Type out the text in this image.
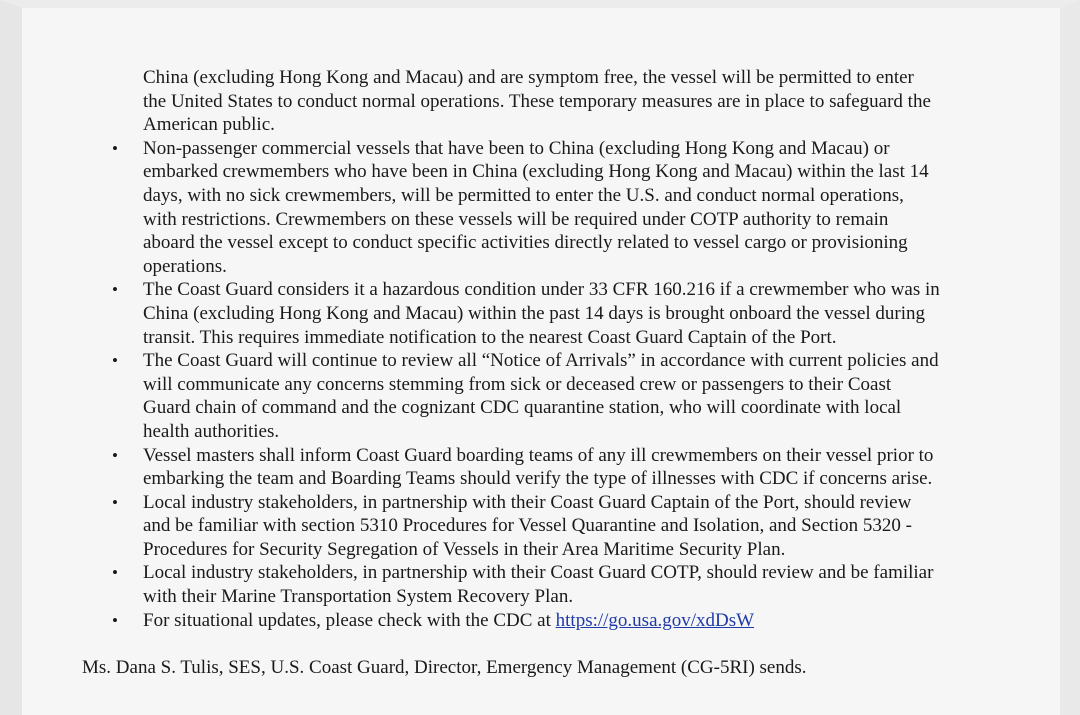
China (excluding Hong Kong and Macau) and are symptom free, the vessel will be permitted to enter
the United States to conduct normal operations. These temporary measures are in place to safeguard the
American public.
• Non-passenger commercial vessels that have been to China (excluding Hong Kong and Macau) or
embarked crewmembers who have been in China (excluding Hong Kong and Macau) within the last 14
days, with no sick crewmembers, will be permitted to enter the U.S. and conduct normal operations,
with restrictions. Crewmembers on these vessels will be required under COTP authority to remain
aboard the vessel except to conduct specific activities directly related to vessel cargo or provisioning
operations.
• The Coast Guard considers it a hazardous condition under 33 CFR 160.216 if a crewmember who was in
China (excluding Hong Kong and Macau) within the past 14 days is brought onboard the vessel during
transit. This requires immediate notification to the nearest Coast Guard Captain of the Port.
• The Coast Guard will continue to review all “Notice of Arrivals” in accordance with current policies and
will communicate any concerns stemming from sick or deceased crew or passengers to their Coast
Guard chain of command and the cognizant CDC quarantine station, who will coordinate with local
health authorities.
• Vessel masters shall inform Coast Guard boarding teams of any ill crewmembers on their vessel prior to
embarking the team and Boarding Teams should verify the type of illnesses with CDC if concerns arise.
• Local industry stakeholders, in partnership with their Coast Guard Captain of the Port, should review
and be familiar with section 5310 Procedures for Vessel Quarantine and Isolation, and Section 5320 -
Procedures for Security Segregation of Vessels in their Area Maritime Security Plan.
• Local industry stakeholders, in partnership with their Coast Guard COTP, should review and be familiar
with their Marine Transportation System Recovery Plan.
• For situational updates, please check with the CDC at https://go.usa.gov/xdDsW
Ms. Dana S. Tulis, SES, U.S. Coast Guard, Director, Emergency Management (CG-5RI) sends.
